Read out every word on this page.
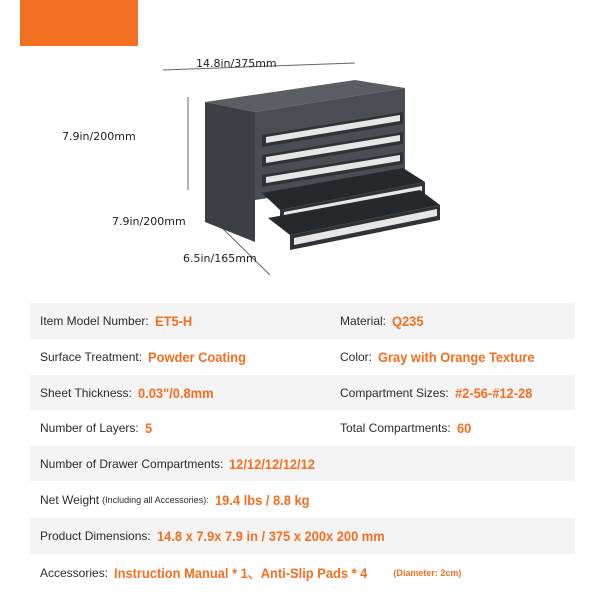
14.8in/375mm
7.9in/200mm
7.9in/200mm
6.5in/165mm
Item Model Number: ET5-H	Material: Q235
Surface Treatment: Powder Coating	Color: Gray with Orange Texture
Sheet Thickness: 0.03"/0.8mm	Compartment Sizes: #2-56-#12-28
Number of Layers: 5	Total Compartments: 60
Number of Drawer Compartments: 12/12/12/12/12
Net Weight (Including all Accessories): 19.4 lbs / 8.8 kg
Product Dimensions: 14.8 x 7.9x 7.9 in / 375 x 200x 200 mm
Accessories: Instruction Manual * 1、Anti-Slip Pads * 4	(Diameter: 2cm)
